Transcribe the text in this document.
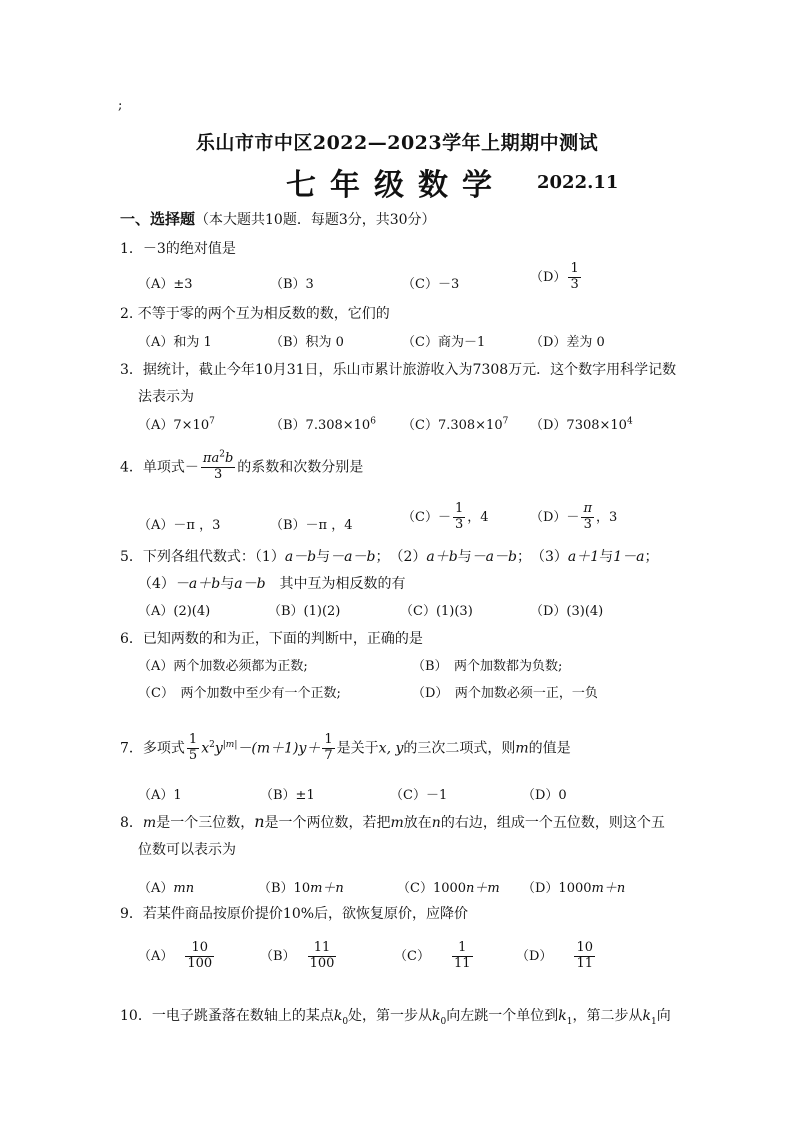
;
乐山市市中区2022—2023学年上期期中测试
七年级数学 2022.11
一、选择题（本大题共10题．每题3分，共30分）
1．－3的绝对值是
（A）±3	（B）3	（C）－3	$(D) \frac{1}{3}$
2. 不等于零的两个互为相反数的数，它们的
（A）和为 1	（B）积为 0	（C）商为－1	（D）差为 0
3．据统计，截止今年10月31日，乐山市累计旅游收入为7308万元．这个数字用科学记数
法表示为
$(A)7\times 10^7$	$(B)7.308\times 10^6$ $(C)7.308\times 10^7$ $(D)7308\times 10^4$
4．单项式－ $\frac{\pi a^2b}{3}$ 的系数和次数分别是
（A）－π ，3	（B）－π ，4
$(C)- \frac{1}{3}$ ，4	$(D)- \frac{\pi}{3}$ ，3
5．下列各组代数式：（1）a－b与－a－b；　（2）a＋b与－a－b；　（3）a＋1与1－a；
（4）－a＋b与a－b　其中互为相反数的有
（A）(2)(4)	（B）(1)(2)	（C）(1)(3)	（D）(3)(4)
6．已知两数的和为正，下面的判断中，正确的是
（A）两个加数必须都为正数;	（B）　两个加数都为负数;
（C）　两个加数中至少有一个正数;	（D）　两个加数必须一正，一负
7．多项式 $\frac{1}{5} x^2y^{|m|}-(m+1)y+ \frac{1}{7}$ 是关于x, y的三次二项式，则m的值是
（A）1	（B）±1	（C）－1	（D）0
8．m是一个三位数，n是一个两位数，若把m放在n的右边，组成一个五位数，则这个五
位数可以表示为
（A）mn	（B）10m＋n	（C）1000n＋m （D）1000m＋n
9．若某件商品按原价提价10%后，欲恢复原价，应降价
$(A) \frac{10}{100}$	$(B) \frac{11}{100}$	$(C) \frac{1}{11}$	$(D) \frac{10}{11}$
10．一电子跳蚤落在数轴上的某点$k_0$处，第一步从$k_0$向左跳一个单位到$k_1$，第二步从$k_1$向
